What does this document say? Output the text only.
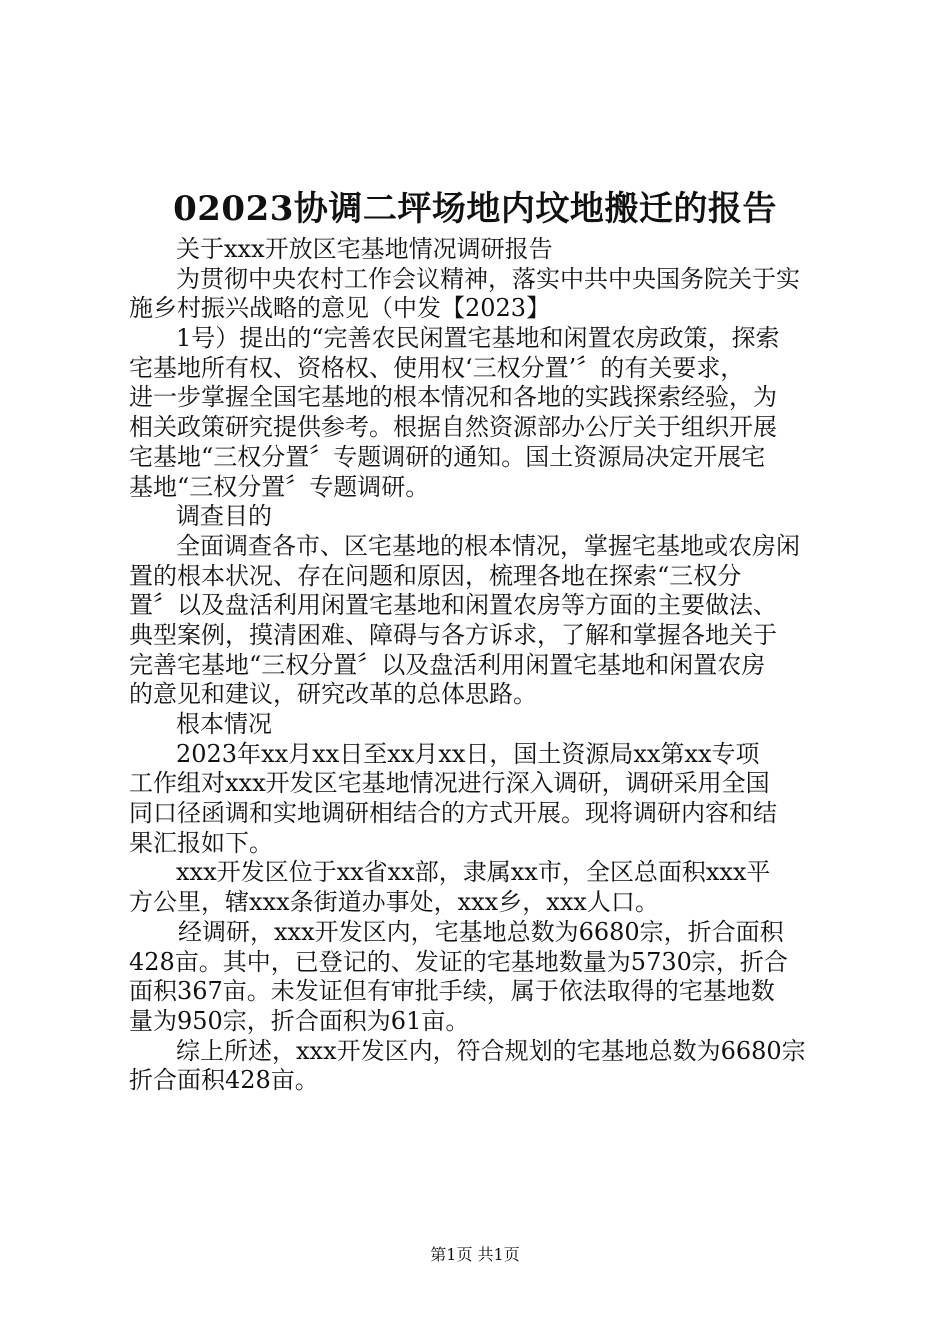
02023协调二坪场地内坟地搬迁的报告
关于xxx开放区宅基地情况调研报告
为贯彻中央农村工作会议精神，落实中共中央国务院关于实
施乡村振兴战略的意见（中发【2023】
1号）提出的“完善农民闲置宅基地和闲置农房政策，探索
宅基地所有权、资格权、使用权‘三权分置’〞的有关要求，
进一步掌握全国宅基地的根本情况和各地的实践探索经验，为
相关政策研究提供参考。根据自然资源部办公厅关于组织开展
宅基地“三权分置〞专题调研的通知。国土资源局决定开展宅
基地“三权分置〞专题调研。
调查目的
全面调查各市、区宅基地的根本情况，掌握宅基地或农房闲
置的根本状况、存在问题和原因，梳理各地在探索“三权分
置〞以及盘活利用闲置宅基地和闲置农房等方面的主要做法、
典型案例，摸清困难、障碍与各方诉求，了解和掌握各地关于
完善宅基地“三权分置〞以及盘活利用闲置宅基地和闲置农房
的意见和建议，研究改革的总体思路。
根本情况
2023年xx月xx日至xx月xx日，国土资源局xx第xx专项
工作组对xxx开发区宅基地情况进行深入调研，调研采用全国
同口径函调和实地调研相结合的方式开展。现将调研内容和结
果汇报如下。
xxx开发区位于xx省xx部，隶属xx市，全区总面积xxx平
方公里，辖xxx条街道办事处，xxx乡，xxx人口。
经调研，xxx开发区内，宅基地总数为6680宗，折合面积
428亩。其中，已登记的、发证的宅基地数量为5730宗，折合
面积367亩。未发证但有审批手续，属于依法取得的宅基地数
量为950宗，折合面积为61亩。
综上所述，xxx开发区内，符合规划的宅基地总数为6680宗
折合面积428亩。
第1页 共1页
